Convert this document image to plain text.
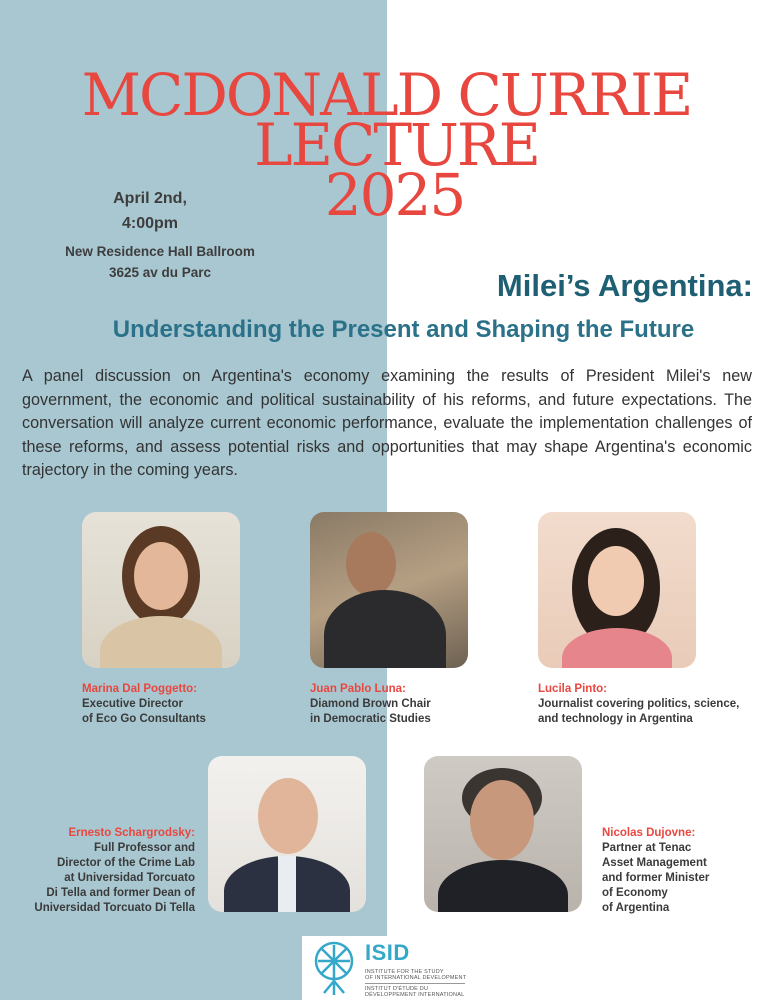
MCDONALD CURRIE
LECTURE
2025
April 2nd,
4:00pm
New Residence Hall Ballroom
3625 av du Parc	Milei’s Argentina:
Understanding the Present and Shaping the Future

A panel discussion on Argentina's economy examining the results of President Milei's new government, the economic and political sustainability of his reforms, and future expectations. The conversation will analyze current economic performance, evaluate the implementation challenges of these reforms, and assess potential risks and opportunities that may shape Argentina's economic trajectory in the coming years.

Marina Dal Poggetto:
Executive Director
of Eco Go Consultants
Juan Pablo Luna:
Diamond Brown Chair
in Democratic Studies
Lucila Pinto:
Journalist covering politics, science,
and technology in Argentina
Ernesto Schargrodsky:
Full Professor and
Director of the Crime Lab
at Universidad Torcuato
Di Tella and former Dean of
Universidad Torcuato Di Tella
Nicolas Dujovne:
Partner at Tenac
Asset Management
and former Minister
of Economy
of Argentina
ISID
INSTITUTE FOR THE STUDY
OF INTERNATIONAL DEVELOPMENT
INSTITUT D'ÉTUDE DU
DÉVELOPPEMENT INTERNATIONAL
